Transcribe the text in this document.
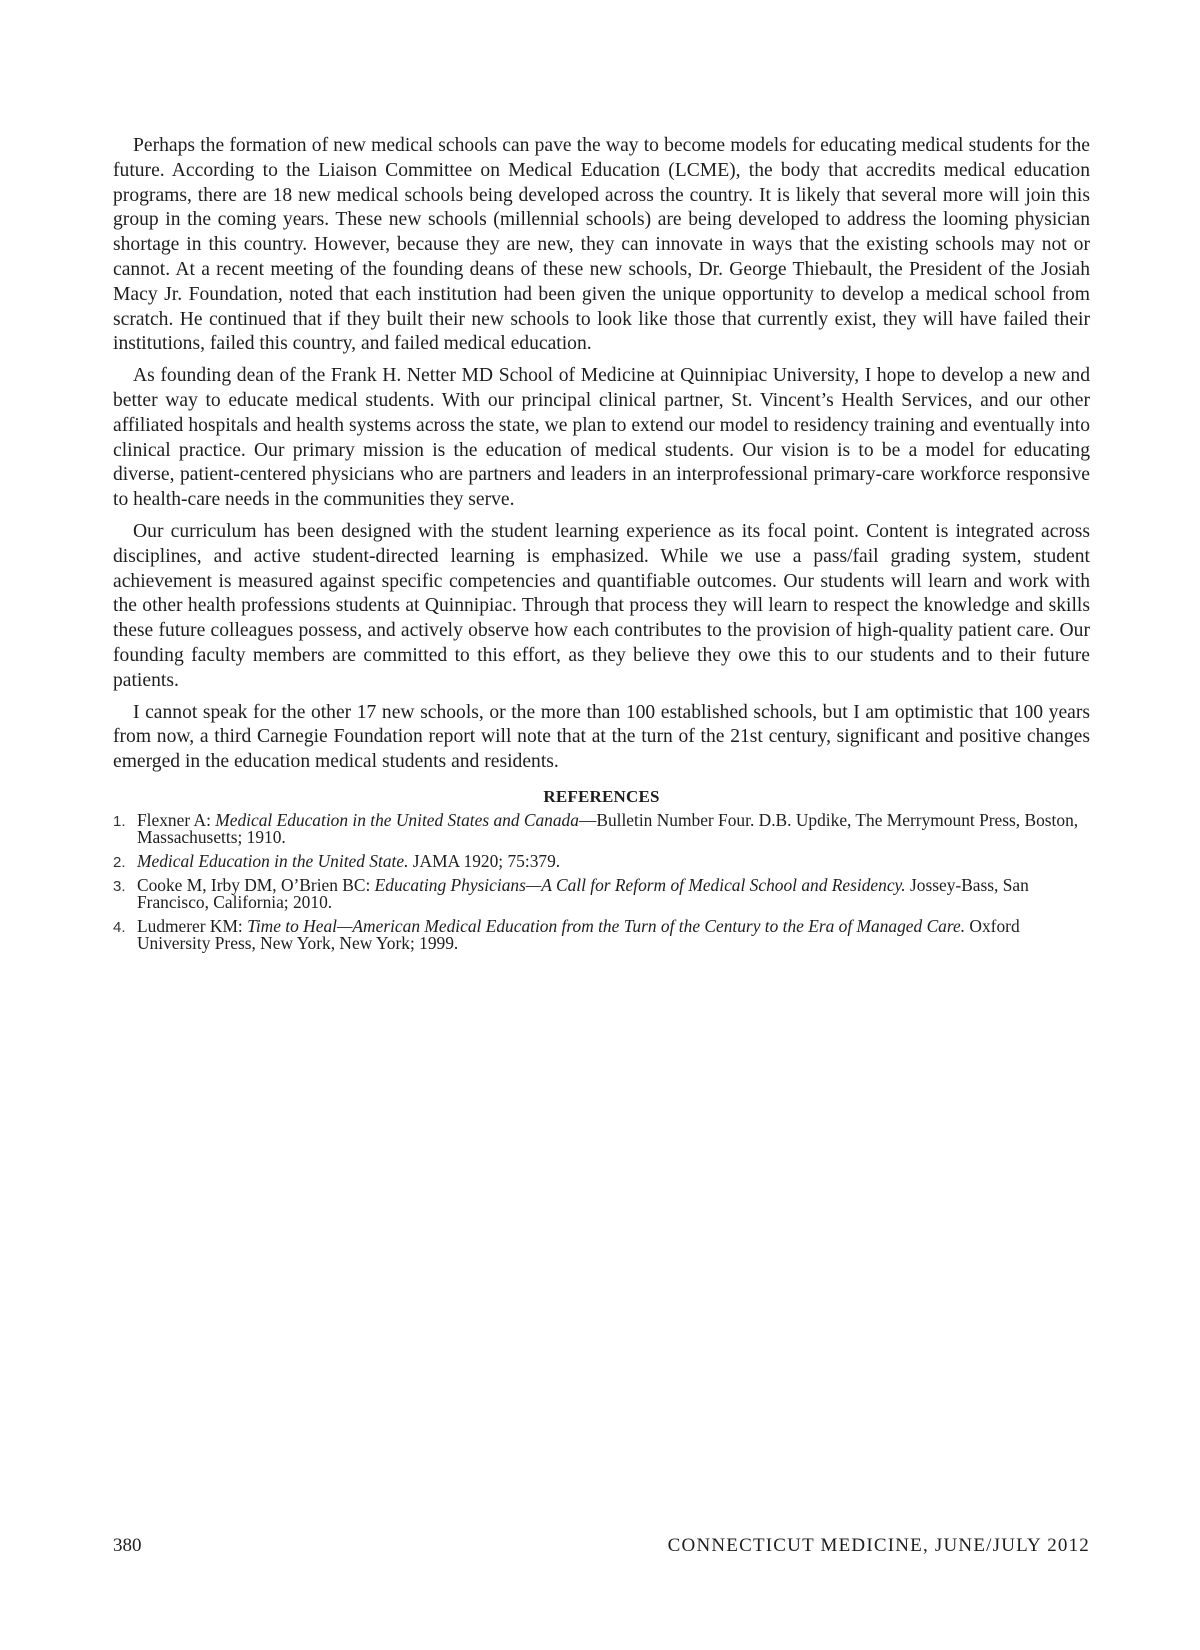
Perhaps the formation of new medical schools can pave the way to become models for educating medical students for the future. According to the Liaison Committee on Medical Education (LCME), the body that accredits medical education programs, there are 18 new medical schools being developed across the country. It is likely that several more will join this group in the coming years. These new schools (millennial schools) are being developed to address the looming physician shortage in this country. However, because they are new, they can innovate in ways that the existing schools may not or cannot. At a recent meeting of the founding deans of these new schools, Dr. George Thiebault, the President of the Josiah Macy Jr. Foundation, noted that each institution had been given the unique opportunity to develop a medical school from scratch. He continued that if they built their new schools to look like those that currently exist, they will have failed their institutions, failed this country, and failed medical education.

As founding dean of the Frank H. Netter MD School of Medicine at Quinnipiac University, I hope to develop a new and better way to educate medical students. With our principal clinical partner, St. Vincent’s Health Services, and our other affiliated hospitals and health systems across the state, we plan to extend our model to residency training and eventually into clinical practice. Our primary mission is the education of medical students. Our vision is to be a model for educating diverse, patient-centered physicians who are partners and leaders in an interprofessional primary-care workforce responsive to health-care needs in the communities they serve.

Our curriculum has been designed with the student learning experience as its focal point. Content is integrated across disciplines, and active student-directed learning is emphasized. While we use a pass/fail grading system, student achievement is measured against specific competencies and quantifiable outcomes. Our students will learn and work with the other health professions students at Quinnipiac. Through that process they will learn to respect the knowledge and skills these future colleagues possess, and actively observe how each contributes to the provision of high-quality patient care. Our founding faculty members are committed to this effort, as they believe they owe this to our students and to their future patients.

I cannot speak for the other 17 new schools, or the more than 100 established schools, but I am optimistic that 100 years from now, a third Carnegie Foundation report will note that at the turn of the 21st century, significant and positive changes emerged in the education medical students and residents.

REFERENCES
1. Flexner A: Medical Education in the United States and Canada—Bulletin Number Four. D.B. Updike, The Merrymount Press, Boston, Massachusetts; 1910.
2. Medical Education in the United State. JAMA 1920; 75:379.
3. Cooke M, Irby DM, O’Brien BC: Educating Physicians—A Call for Reform of Medical School and Residency. Jossey-Bass, San Francisco, California; 2010.
4. Ludmerer KM: Time to Heal—American Medical Education from the Turn of the Century to the Era of Managed Care. Oxford University Press, New York, New York; 1999.
380	CONNECTICUT MEDICINE, JUNE/JULY 2012
